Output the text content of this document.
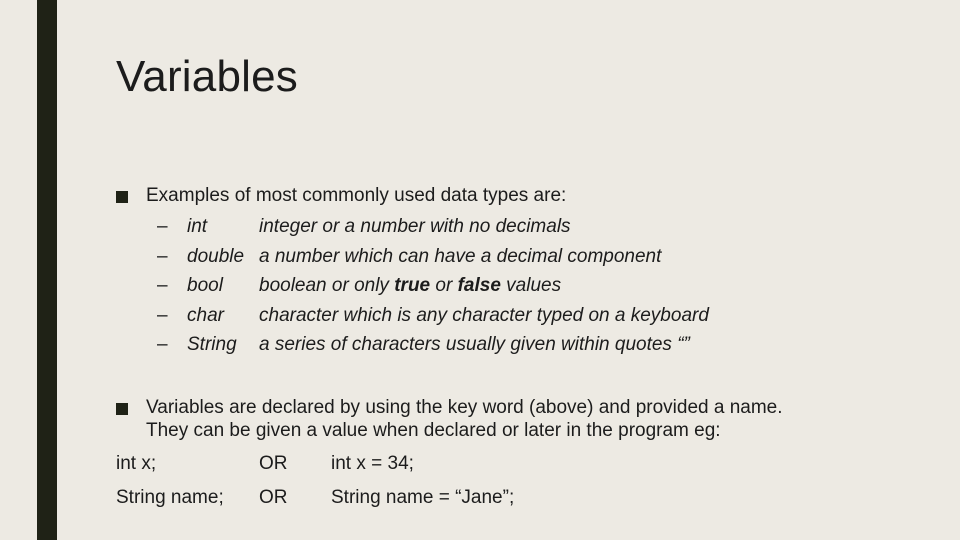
Variables
Examples of most commonly used data types are:
– int	integer or a number with no decimals
– double a number which can have a decimal component
– bool boolean or only true or false values
– char character which is any character typed on a keyboard
– String a series of characters usually given within quotes “”
Variables are declared by using the key word (above) and provided a name.
They can be given a value when declared or later in the program eg:
int x;	OR int x = 34;
String name; OR String name = “Jane”;
